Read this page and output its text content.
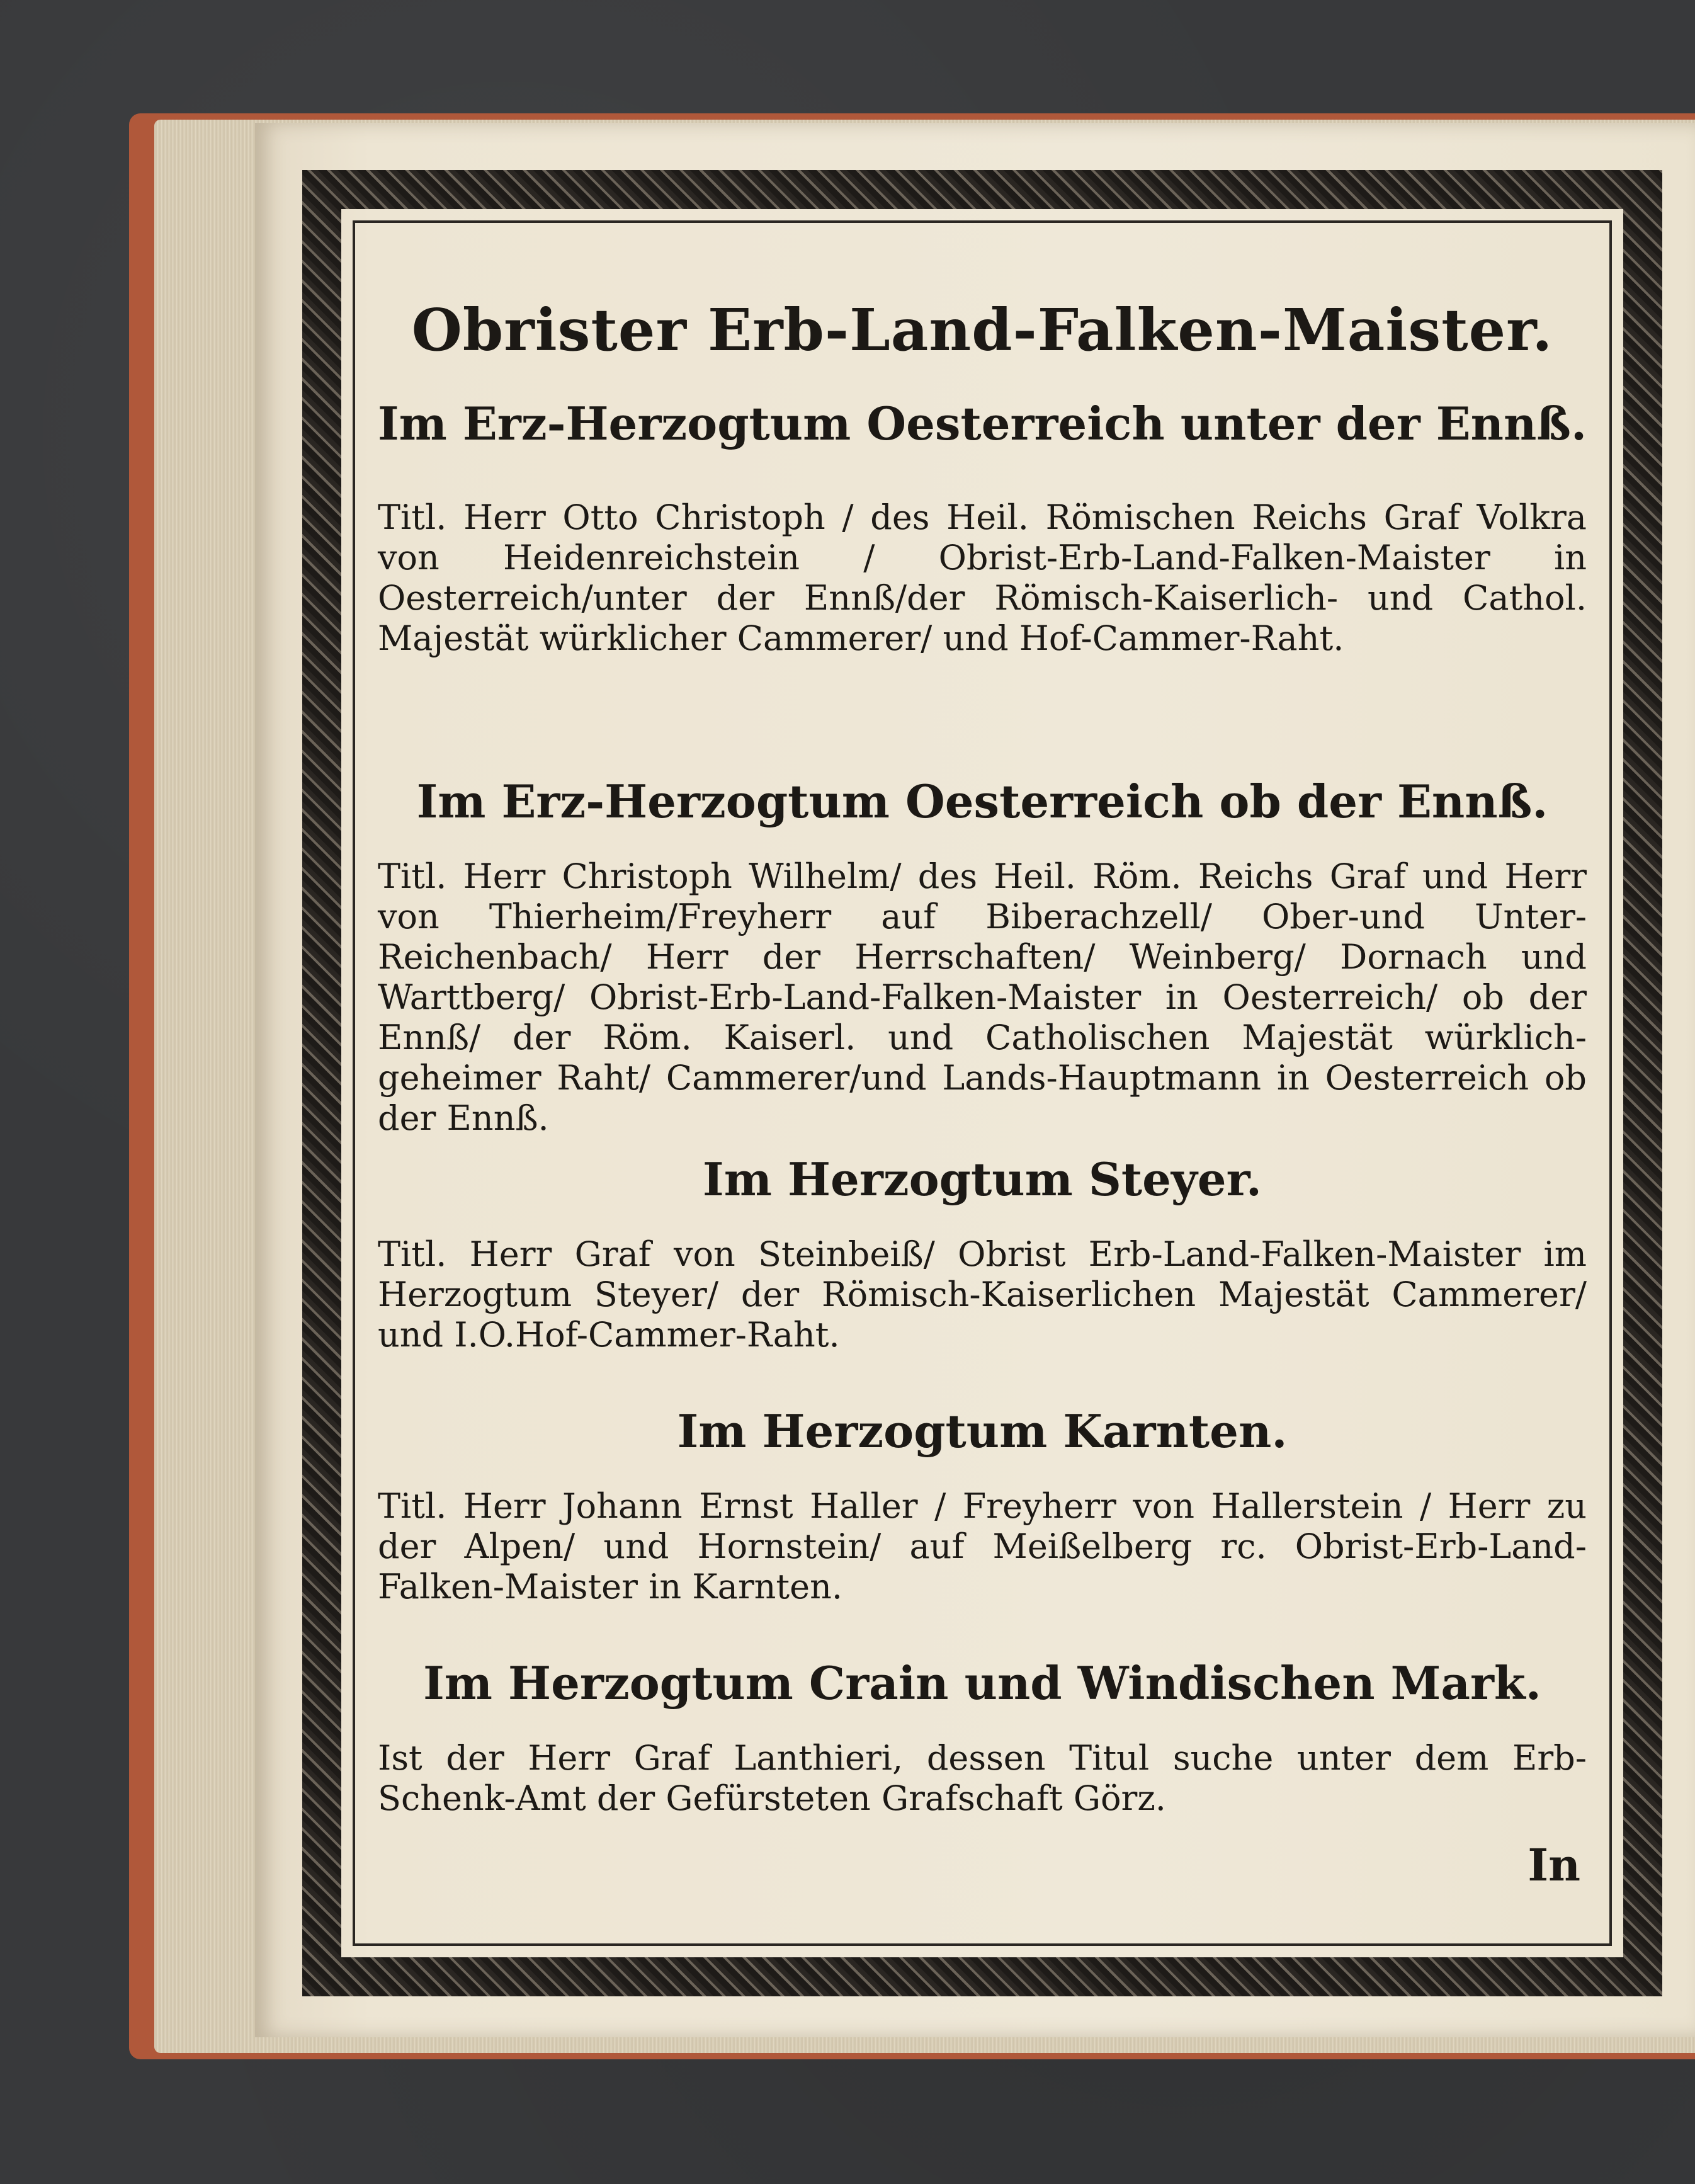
Obrister Erb-Land-Falken-Maister.
Im Erz-Herzogtum Oesterreich unter der Ennß.
Titl. Herr Otto Christoph / des Heil. Römischen Reichs Graf Volkra von Heidenreichstein / Obrist-Erb-Land-Falken-Maister in Oesterreich/unter der Ennß/der Römisch-Kaiserlich- und Cathol. Majestät würklicher Cammerer/ und Hof-Cammer-Raht.
Im Erz-Herzogtum Oesterreich ob der Ennß.
Titl. Herr Christoph Wilhelm/ des Heil. Röm. Reichs Graf und Herr von Thierheim/Freyherr auf Biberachzell/ Ober-und Unter-Reichenbach/ Herr der Herrschaften/ Weinberg/ Dornach und Warttberg/ Obrist-Erb-Land-Falken-Maister in Oesterreich/ ob der Ennß/ der Röm. Kaiserl. und Catholischen Majestät würklich-geheimer Raht/ Cammerer/und Lands-Hauptmann in Oesterreich ob der Ennß.
Im Herzogtum Steyer.
Titl. Herr Graf von Steinbeiß/ Obrist Erb-Land-Falken-Maister im Herzogtum Steyer/ der Römisch-Kaiserlichen Majestät Cammerer/ und I.O.Hof-Cammer-Raht.
Im Herzogtum Karnten.
Titl. Herr Johann Ernst Haller / Freyherr von Hallerstein / Herr zu der Alpen/ und Hornstein/ auf Meißelberg rc. Obrist-Erb-Land-Falken-Maister in Karnten.
Im Herzogtum Crain und Windischen Mark.
Ist der Herr Graf Lanthieri, dessen Titul suche unter dem Erb-Schenk-Amt der Gefürsteten Grafschaft Görz.
In
